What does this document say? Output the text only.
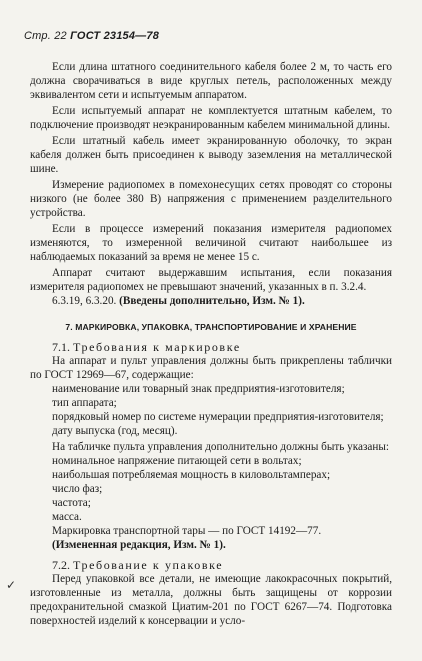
Стр. 22 ГОСТ 23154—78

Если длина штатного соединительного кабеля более 2 м, то часть его должна сворачиваться в виде круглых петель, расположенных между эквивалентом сети и испытуемым аппаратом.

Если испытуемый аппарат не комплектуется штатным кабелем, то подключение производят неэкранированным кабелем минимальной длины.

Если штатный кабель имеет экранированную оболочку, то экран кабеля должен быть присоединен к выводу заземления на металлической шине.

Измерение радиопомех в помехонесущих сетях проводят со стороны низкого (не более 380 В) напряжения с применением разделительного устройства.

Если в процессе измерений показания измерителя радиопомех изменяются, то измеренной величиной считают наибольшее из наблюдаемых показаний за время не менее 15 с.

Аппарат считают выдержавшим испытания, если показания измерителя радиопомех не превышают значений, указанных в п. 3.2.4.

6.3.19, 6.3.20. (Введены дополнительно, Изм. № 1).

7. МАРКИРОВКА, УПАКОВКА, ТРАНСПОРТИРОВАНИЕ И ХРАНЕНИЕ

7.1. Требования к маркировке

На аппарат и пульт управления должны быть прикреплены таблички по ГОСТ 12969—67, содержащие:

наименование или товарный знак предприятия-изготовителя;

тип аппарата;

порядковый номер по системе нумерации предприятия-изготовителя;

дату выпуска (год, месяц).

На табличке пульта управления дополнительно должны быть указаны:

номинальное напряжение питающей сети в вольтах;

наибольшая потребляемая мощность в киловольтамперах;

число фаз;

частота;

масса.

Маркировка транспортной тары — по ГОСТ 14192—77.

(Измененная редакция, Изм. № 1).

7.2. Требование к упаковке

Перед упаковкой все детали, не имеющие лакокрасочных покрытий, изготовленные из металла, должны быть защищены от коррозии предохранительной смазкой Циатим-201 по ГОСТ 6267—74. Подготовка поверхностей изделий к консервации и усло-

✓
